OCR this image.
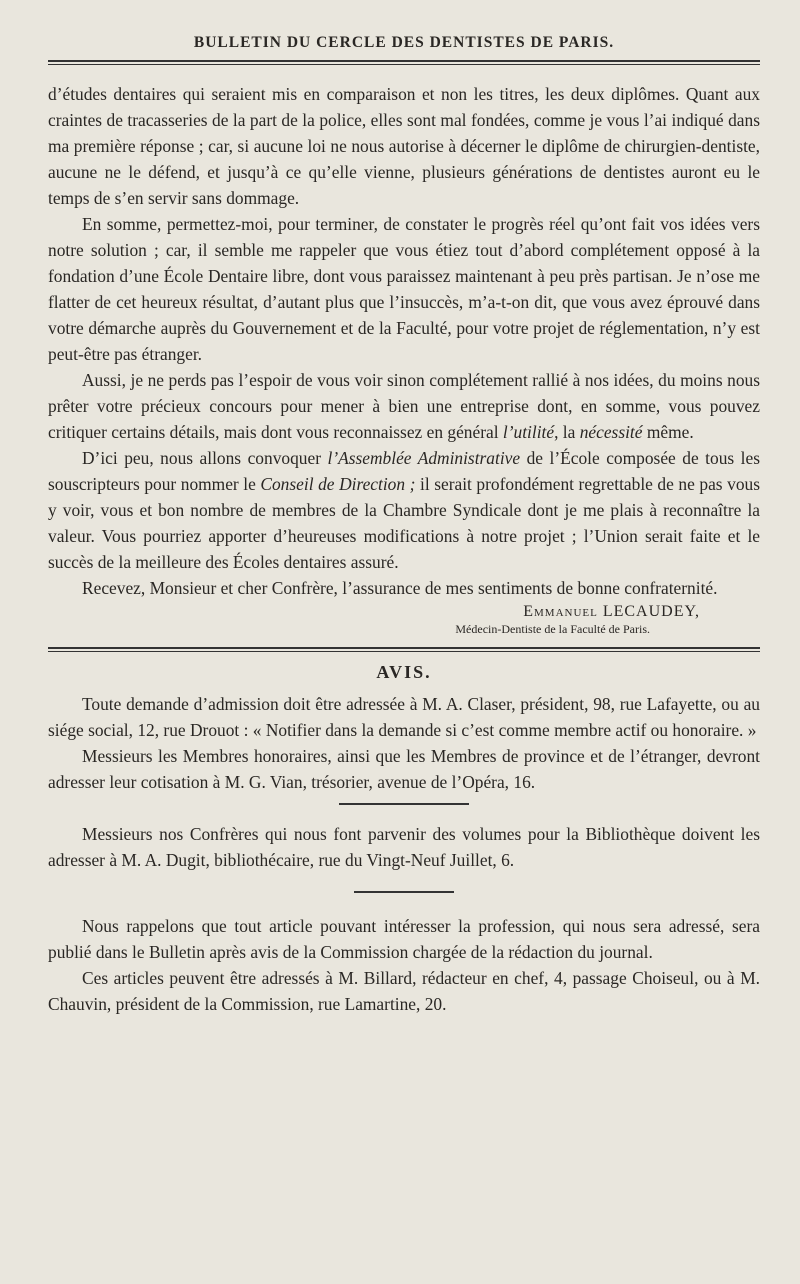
BULLETIN DU CERCLE DES DENTISTES DE PARIS.

d’études dentaires qui seraient mis en comparaison et non les titres, les deux diplômes. Quant aux craintes de tracasseries de la part de la police, elles sont mal fondées, comme je vous l’ai indiqué dans ma première réponse ; car, si aucune loi ne nous autorise à décerner le diplôme de chirurgien-dentiste, aucune ne le défend, et jusqu’à ce qu’elle vienne, plusieurs générations de dentistes auront eu le temps de s’en servir sans dommage.

En somme, permettez-moi, pour terminer, de constater le progrès réel qu’ont fait vos idées vers notre solution ; car, il semble me rappeler que vous étiez tout d’abord complétement opposé à la fondation d’une École Dentaire libre, dont vous paraissez maintenant à peu près partisan. Je n’ose me flatter de cet heureux résultat, d’autant plus que l’insuccès, m’a-t-on dit, que vous avez éprouvé dans votre démarche auprès du Gouvernement et de la Faculté, pour votre projet de réglementation, n’y est peut-être pas étranger.

Aussi, je ne perds pas l’espoir de vous voir sinon complétement rallié à nos idées, du moins nous prêter votre précieux concours pour mener à bien une entreprise dont, en somme, vous pouvez critiquer certains détails, mais dont vous reconnaissez en général l’utilité, la nécessité même.

D’ici peu, nous allons convoquer l’Assemblée Administrative de l’École composée de tous les souscripteurs pour nommer le Conseil de Direction ; il serait profondément regrettable de ne pas vous y voir, vous et bon nombre de membres de la Chambre Syndicale dont je me plais à reconnaître la valeur. Vous pourriez apporter d’heureuses modifications à notre projet ; l’Union serait faite et le succès de la meilleure des Écoles dentaires assuré.

Recevez, Monsieur et cher Confrère, l’assurance de mes sentiments de bonne confraternité.

Emmanuel LECAUDEY,
Médecin-Dentiste de la Faculté de Paris.
AVIS.

Toute demande d’admission doit être adressée à M. A. Claser, président, 98, rue Lafayette, ou au siége social, 12, rue Drouot : « Notifier dans la demande si c’est comme membre actif ou honoraire. »

Messieurs les Membres honoraires, ainsi que les Membres de province et de l’étranger, devront adresser leur cotisation à M. G. Vian, trésorier, avenue de l’Opéra, 16.

Messieurs nos Confrères qui nous font parvenir des volumes pour la Bibliothèque doivent les adresser à M. A. Dugit, bibliothécaire, rue du Vingt-Neuf Juillet, 6.

Nous rappelons que tout article pouvant intéresser la profession, qui nous sera adressé, sera publié dans le Bulletin après avis de la Commission chargée de la rédaction du journal.

Ces articles peuvent être adressés à M. Billard, rédacteur en chef, 4, passage Choiseul, ou à M. Chauvin, président de la Commission, rue Lamartine, 20.
